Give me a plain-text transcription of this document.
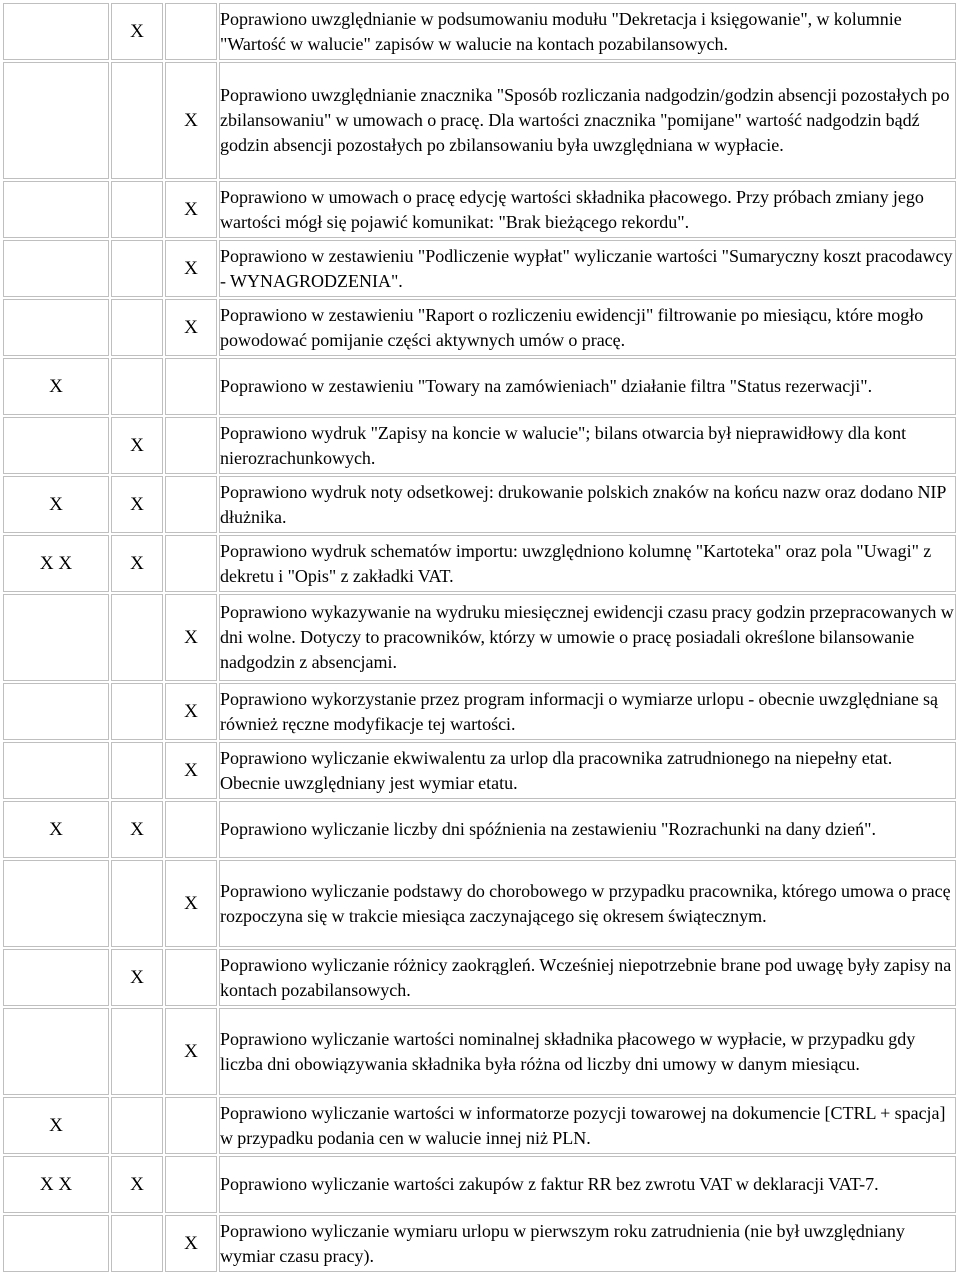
	X		Poprawiono uwzględnianie w podsumowaniu modułu "Dekretacja i księgowanie", w kolumnie "Wartość w walucie" zapisów w walucie na kontach pozabilansowych.
		X	Poprawiono uwzględnianie znacznika "Sposób rozliczania nadgodzin/godzin absencji pozostałych po zbilansowaniu" w umowach o pracę. Dla wartości znacznika "pomijane" wartość nadgodzin bądź godzin absencji pozostałych po zbilansowaniu była uwzględniana w wypłacie.
		X	Poprawiono w umowach o pracę edycję wartości składnika płacowego. Przy próbach zmiany jego wartości mógł się pojawić komunikat: "Brak bieżącego rekordu".
		X	Poprawiono w zestawieniu "Podliczenie wypłat" wyliczanie wartości "Sumaryczny koszt pracodawcy - WYNAGRODZENIA".
		X	Poprawiono w zestawieniu "Raport o rozliczeniu ewidencji" filtrowanie po miesiącu, które mogło powodować pomijanie części aktywnych umów o pracę.
X			Poprawiono w zestawieniu "Towary na zamówieniach" działanie filtra "Status rezerwacji".
	X		Poprawiono wydruk "Zapisy na koncie w walucie"; bilans otwarcia był nieprawidłowy dla kont nierozrachunkowych.
X	X		Poprawiono wydruk noty odsetkowej: drukowanie polskich znaków na końcu nazw oraz dodano NIP dłużnika.
X X	X		Poprawiono wydruk schematów importu: uwzględniono kolumnę "Kartoteka" oraz pola "Uwagi" z dekretu i "Opis" z zakładki VAT.
		X	Poprawiono wykazywanie na wydruku miesięcznej ewidencji czasu pracy godzin przepracowanych w dni wolne. Dotyczy to pracowników, którzy w umowie o pracę posiadali określone bilansowanie nadgodzin z absencjami.
		X	Poprawiono wykorzystanie przez program informacji o wymiarze urlopu - obecnie uwzględniane są również ręczne modyfikacje tej wartości.
		X	Poprawiono wyliczanie ekwiwalentu za urlop dla pracownika zatrudnionego na niepełny etat. Obecnie uwzględniany jest wymiar etatu.
X	X		Poprawiono wyliczanie liczby dni spóźnienia na zestawieniu "Rozrachunki na dany dzień".
		X	Poprawiono wyliczanie podstawy do chorobowego w przypadku pracownika, którego umowa o pracę rozpoczyna się w trakcie miesiąca zaczynającego się okresem świątecznym.
	X		Poprawiono wyliczanie różnicy zaokrągleń. Wcześniej niepotrzebnie brane pod uwagę były zapisy na kontach pozabilansowych.
		X	Poprawiono wyliczanie wartości nominalnej składnika płacowego w wypłacie, w przypadku gdy liczba dni obowiązywania składnika była różna od liczby dni umowy w danym miesiącu.
X			Poprawiono wyliczanie wartości w informatorze pozycji towarowej na dokumencie [CTRL + spacja] w przypadku podania cen w walucie innej niż PLN.
X X	X		Poprawiono wyliczanie wartości zakupów z faktur RR bez zwrotu VAT w deklaracji VAT-7.
		X	Poprawiono wyliczanie wymiaru urlopu w pierwszym roku zatrudnienia (nie był uwzględniany wymiar czasu pracy).
